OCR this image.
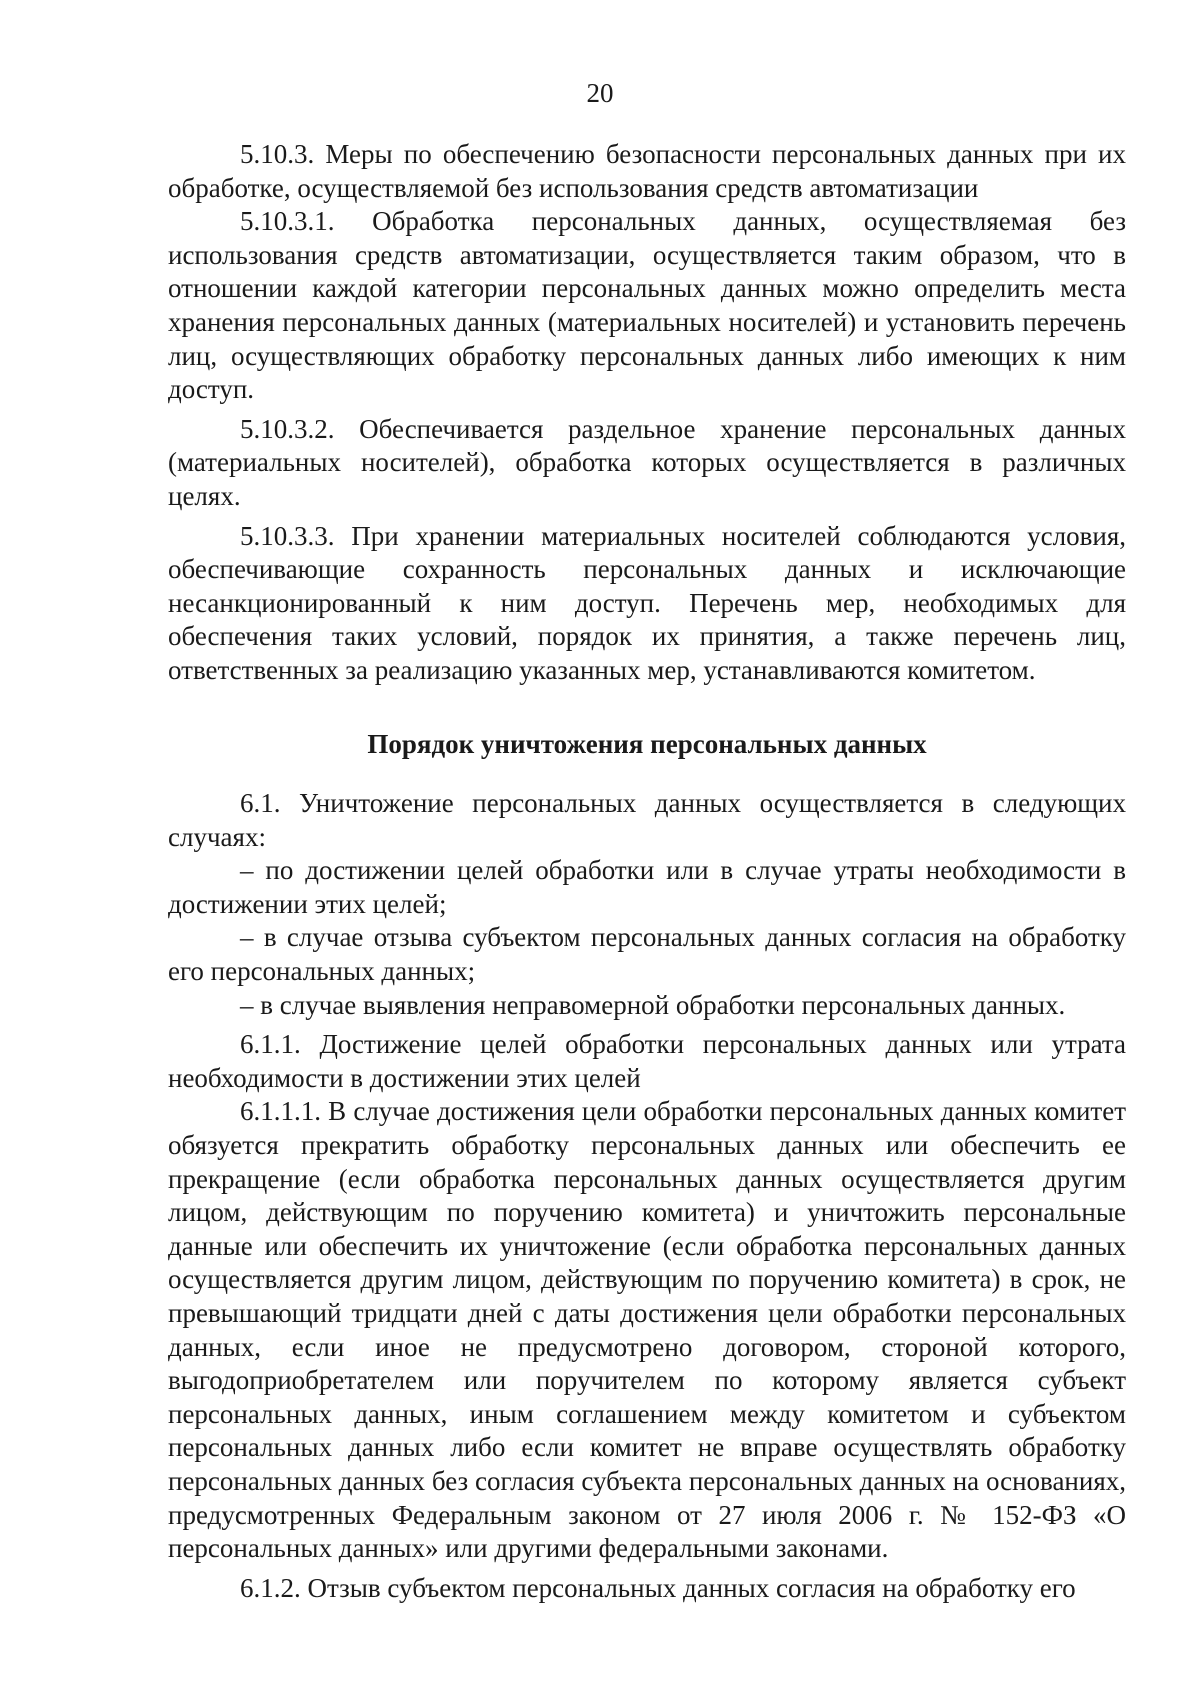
20

5.10.3. Меры по обеспечению безопасности персональных данных при их обработке, осуществляемой без использования средств автоматизации

5.10.3.1. Обработка персональных данных, осуществляемая без использования средств автоматизации, осуществляется таким образом, что в отношении каждой категории персональных данных можно определить места хранения персональных данных (материальных носителей) и установить перечень лиц, осуществляющих обработку персональных данных либо имеющих к ним доступ.

5.10.3.2. Обеспечивается раздельное хранение персональных данных (материальных носителей), обработка которых осуществляется в различных целях.

5.10.3.3. При хранении материальных носителей соблюдаются условия, обеспечивающие сохранность персональных данных и исключающие несанкционированный к ним доступ. Перечень мер, необходимых для обеспечения таких условий, порядок их принятия, а также перечень лиц, ответственных за реализацию указанных мер, устанавливаются комитетом.

Порядок уничтожения персональных данных

6.1. Уничтожение персональных данных осуществляется в следующих случаях:

– по достижении целей обработки или в случае утраты необходимости в достижении этих целей;

– в случае отзыва субъектом персональных данных согласия на обработку его персональных данных;

– в случае выявления неправомерной обработки персональных данных.

6.1.1. Достижение целей обработки персональных данных или утрата необходимости в достижении этих целей

6.1.1.1. В случае достижения цели обработки персональных данных комитет обязуется прекратить обработку персональных данных или обеспечить ее прекращение (если обработка персональных данных осуществляется другим лицом, действующим по поручению комитета) и уничтожить персональные данные или обеспечить их уничтожение (если обработка персональных данных осуществляется другим лицом, действующим по поручению комитета) в срок, не превышающий тридцати дней с даты достижения цели обработки персональных данных, если иное не предусмотрено договором, стороной которого, выгодоприобретателем или поручителем по которому является субъект персональных данных, иным соглашением между комитетом и субъектом персональных данных либо если комитет не вправе осуществлять обработку персональных данных без согласия субъекта персональных данных на основаниях, предусмотренных Федеральным законом от 27 июля 2006 г. № 152-ФЗ «О персональных данных» или другими федеральными законами.

6.1.2. Отзыв субъектом персональных данных согласия на обработку его
